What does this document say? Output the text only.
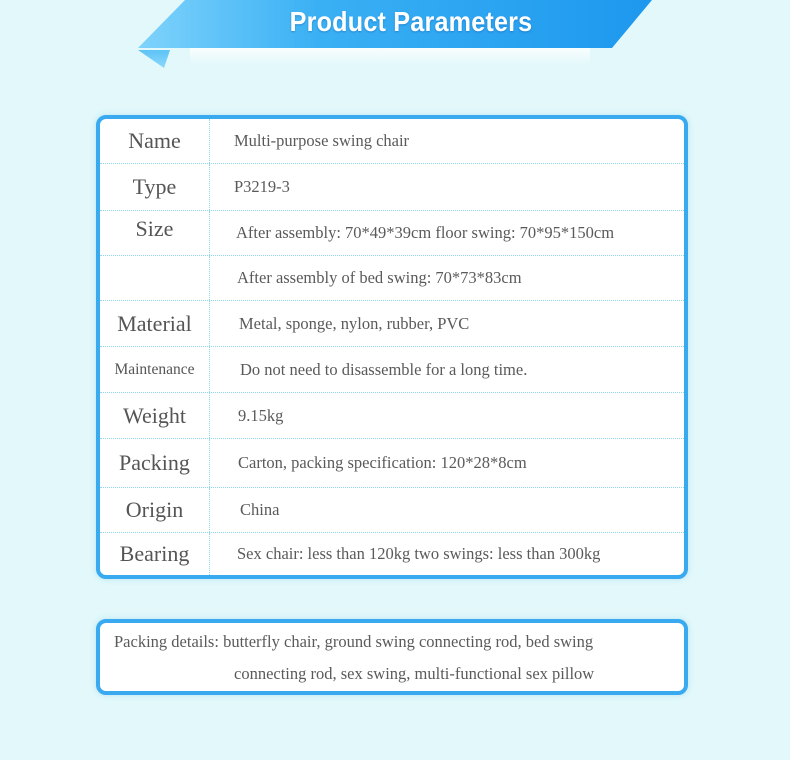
Product Parameters
Name	Multi-purpose swing chair
Type	P3219-3
Size	After assembly: 70*49*39cm floor swing: 70*95*150cm
After assembly of bed swing: 70*73*83cm
Material	Metal, sponge, nylon, rubber, PVC
Maintenance	Do not need to disassemble for a long time.
Weight	9.15kg
Packing	Carton, packing specification: 120*28*8cm
Origin	China
Bearing	Sex chair: less than 120kg two swings: less than 300kg
Packing details: butterfly chair, ground swing connecting rod, bed swing
connecting rod, sex swing, multi-functional sex pillow
